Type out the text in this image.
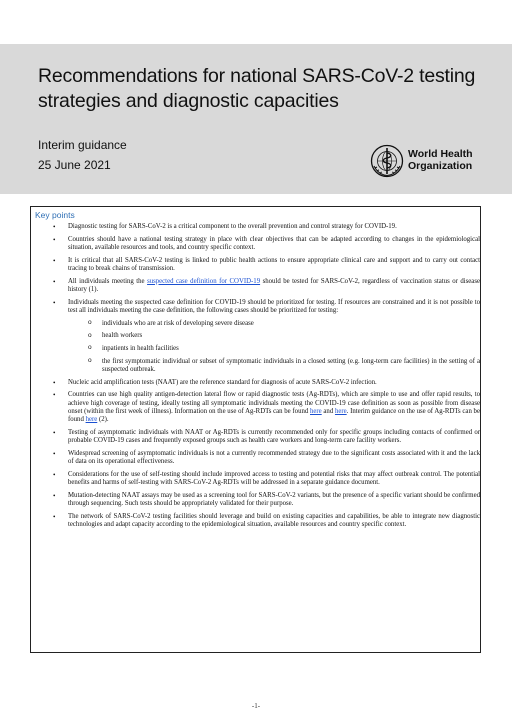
Recommendations for national SARS-CoV-2 testing strategies and diagnostic capacities
Interim guidance
25 June 2021
World Health
Organization
Key points
• Diagnostic testing for SARS-CoV-2 is a critical component to the overall prevention and control strategy for COVID-19.
• Countries should have a national testing strategy in place with clear objectives that can be adapted according to changes in the epidemiological situation, available resources and tools, and country specific context.
• It is critical that all SARS-CoV-2 testing is linked to public health actions to ensure appropriate clinical care and support and to carry out contact tracing to break chains of transmission.
• All individuals meeting the suspected case definition for COVID-19 should be tested for SARS-CoV-2, regardless of vaccination status or disease history (1).
• Individuals meeting the suspected case definition for COVID-19 should be prioritized for testing. If resources are constrained and it is not possible to test all individuals meeting the case definition, the following cases should be prioritized for testing:
o individuals who are at risk of developing severe disease
o health workers
o inpatients in health facilities
o the first symptomatic individual or subset of symptomatic individuals in a closed setting (e.g. long-term care facilities) in the setting of a suspected outbreak.
• Nucleic acid amplification tests (NAAT) are the reference standard for diagnosis of acute SARS-CoV-2 infection.
• Countries can use high quality antigen-detection lateral flow or rapid diagnostic tests (Ag-RDTs), which are simple to use and offer rapid results, to achieve high coverage of testing, ideally testing all symptomatic individuals meeting the COVID-19 case definition as soon as possible from disease onset (within the first week of illness). Information on the use of Ag-RDTs can be found here and here. Interim guidance on the use of Ag-RDTs can be found here (2).
• Testing of asymptomatic individuals with NAAT or Ag-RDTs is currently recommended only for specific groups including contacts of confirmed or probable COVID-19 cases and frequently exposed groups such as health care workers and long-term care facility workers.
• Widespread screening of asymptomatic individuals is not a currently recommended strategy due to the significant costs associated with it and the lack of data on its operational effectiveness.
• Considerations for the use of self-testing should include improved access to testing and potential risks that may affect outbreak control. The potential benefits and harms of self-testing with SARS-CoV-2 Ag-RDTs will be addressed in a separate guidance document.
• Mutation-detecting NAAT assays may be used as a screening tool for SARS-CoV-2 variants, but the presence of a specific variant should be confirmed through sequencing. Such tests should be appropriately validated for their purpose.
• The network of SARS-CoV-2 testing facilities should leverage and build on existing capacities and capabilities, be able to integrate new diagnostic technologies and adapt capacity according to the epidemiological situation, available resources and country specific context.
-1-
